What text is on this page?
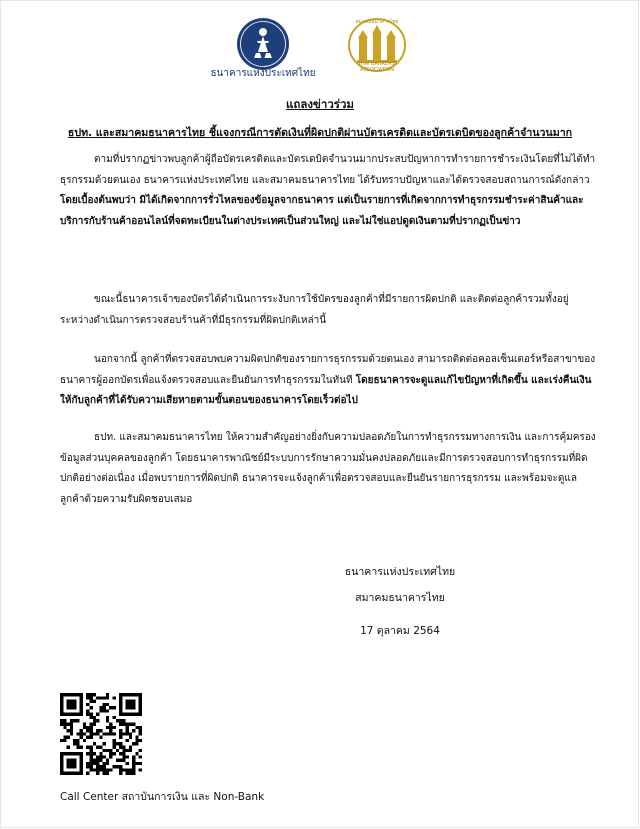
ธนาคารแห่งประเทศไทย
สมาคมธนาคารไทย
THAI BANKERS' ASSOCIATION
แถลงข่าวร่วม
ธปท. และสมาคมธนาคารไทย ชี้แจงกรณีการตัดเงินที่ผิดปกติผ่านบัตรเครดิตและบัตรเดบิตของลูกค้าจำนวนมาก

ตามที่ปรากฏข่าวพบลูกค้าผู้ถือบัตรเครดิตและบัตรเดบิตจำนวนมากประสบปัญหาการทำรายการชำระเงินโดยที่ไม่ได้ทำธุรกรรมด้วยตนเอง ธนาคารแห่งประเทศไทย และสมาคมธนาคารไทย ได้รับทราบปัญหาและได้ตรวจสอบสถานการณ์ดังกล่าว โดยเบื้องต้นพบว่า มิได้เกิดจากการรั่วไหลของข้อมูลจากธนาคาร แต่เป็นรายการที่เกิดจากการทำธุรกรรมชำระค่าสินค้าและบริการกับร้านค้าออนไลน์ที่จดทะเบียนในต่างประเทศเป็นส่วนใหญ่ และไม่ใช่แอปดูดเงินตามที่ปรากฏเป็นข่าว

ขณะนี้ธนาคารเจ้าของบัตรได้ดำเนินการระงับการใช้บัตรของลูกค้าที่มีรายการผิดปกติ และติดต่อลูกค้ารวมทั้งอยู่ระหว่างดำเนินการตรวจสอบร้านค้าที่มีธุรกรรมที่ผิดปกติเหล่านี้

นอกจากนี้ ลูกค้าที่ตรวจสอบพบความผิดปกติของรายการธุรกรรมด้วยตนเอง สามารถติดต่อคอลเซ็นเตอร์หรือสาขาของธนาคารผู้ออกบัตรเพื่อแจ้งตรวจสอบและยืนยันการทำธุรกรรมในทันที โดยธนาคารจะดูแลแก้ไขปัญหาที่เกิดขึ้น และเร่งคืนเงินให้กับลูกค้าที่ได้รับความเสียหายตามขั้นตอนของธนาคารโดยเร็วต่อไป

ธปท. และสมาคมธนาคารไทย ให้ความสำคัญอย่างยิ่งกับความปลอดภัยในการทำธุรกรรมทางการเงิน และการคุ้มครองข้อมูลส่วนบุคคลของลูกค้า โดยธนาคารพาณิชย์มีระบบการรักษาความมั่นคงปลอดภัยและมีการตรวจสอบการทำธุรกรรมที่ผิดปกติอย่างต่อเนื่อง เมื่อพบรายการที่ผิดปกติ ธนาคารจะแจ้งลูกค้าเพื่อตรวจสอบและยืนยันรายการธุรกรรม และพร้อมจะดูแลลูกค้าด้วยความรับผิดชอบเสมอ

ธนาคารแห่งประเทศไทย
สมาคมธนาคารไทย
17 ตุลาคม 2564
Call Center สถาบันการเงิน และ Non-Bank
